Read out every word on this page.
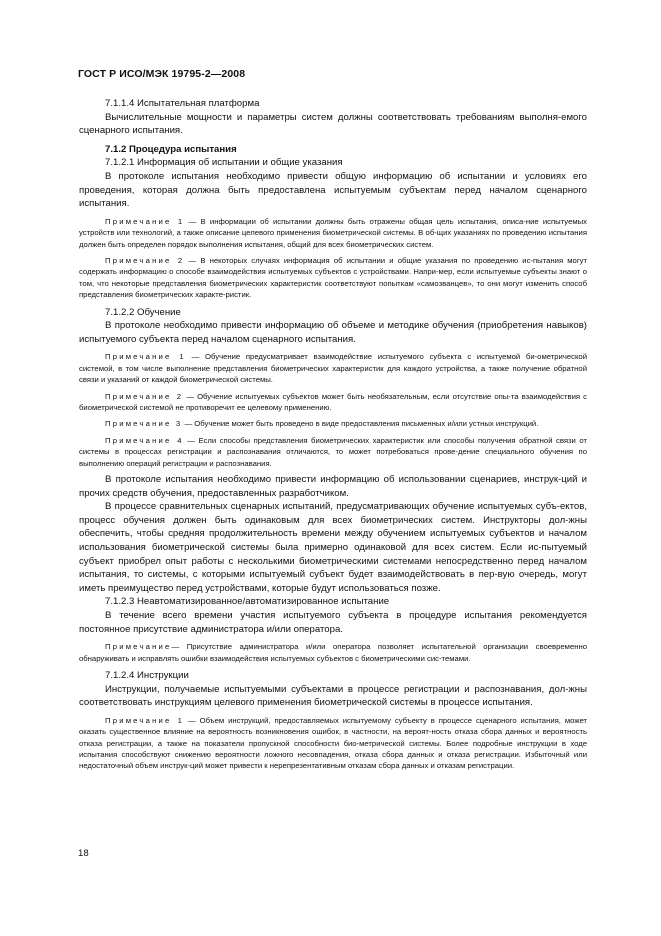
ГОСТ Р ИСО/МЭК 19795-2—2008

7.1.1.4 Испытательная платформа

Вычислительные мощности и параметры систем должны соответствовать требованиям выполня-емого сценарного испытания.

7.1.2 Процедура испытания

7.1.2.1 Информация об испытании и общие указания

В протоколе испытания необходимо привести общую информацию об испытании и условиях его проведения, которая должна быть предоставлена испытуемым субъектам перед началом сценарного испытания.

Примечание 1 — В информации об испытании должны быть отражены общая цель испытания, описа-ние испытуемых устройств или технологий, а также описание целевого применения биометрической системы. В об-щих указаниях по проведению испытания должен быть определен порядок выполнения испытания, общий для всех биометрических систем.

Примечание 2 — В некоторых случаях информация об испытании и общие указания по проведению ис-пытания могут содержать информацию о способе взаимодействия испытуемых субъектов с устройствами. Напри-мер, если испытуемые субъекты знают о том, что некоторые представления биометрических характеристик соответствуют попыткам «самозванцев», то они могут изменить способ представления биометрических характе-ристик.

7.1.2.2 Обучение

В протоколе необходимо привести информацию об объеме и методике обучения (приобретения навыков) испытуемого субъекта перед началом сценарного испытания.

Примечание 1 — Обучение предусматривает взаимодействие испытуемого субъекта с испытуемой би-ометрической системой, в том числе выполнение представления биометрических характеристик для каждого устройства, а также получение обратной связи и указаний от каждой биометрической системы.

Примечание 2 — Обучение испытуемых субъектов может быть необязательным, если отсутствие опы-та взаимодействия с биометрической системой не противоречит ее целевому применению.

Примечание 3 — Обучение может быть проведено в виде предоставления письменных и/или устных инструкций.

Примечание 4 — Если способы представления биометрических характеристик или способы получения обратной связи от системы в процессах регистрации и распознавания отличаются, то может потребоваться прове-дение специального обучения по выполнению операций регистрации и распознавания.

В протоколе испытания необходимо привести информацию об использовании сценариев, инструк-ций и прочих средств обучения, предоставленных разработчиком.

В процессе сравнительных сценарных испытаний, предусматривающих обучение испытуемых субъ-ектов, процесс обучения должен быть одинаковым для всех биометрических систем. Инструкторы дол-жны обеспечить, чтобы средняя продолжительность времени между обучением испытуемых субъектов и началом использования биометрической системы была примерно одинаковой для всех систем. Если ис-пытуемый субъект приобрел опыт работы с несколькими биометрическими системами непосредственно перед началом испытания, то системы, с которыми испытуемый субъект будет взаимодействовать в пер-вую очередь, могут иметь преимущество перед устройствами, которые будут использоваться позже.

7.1.2.3 Неавтоматизированное/автоматизированное испытание

В течение всего времени участия испытуемого субъекта в процедуре испытания рекомендуется постоянное присутствие администратора и/или оператора.

Примечание— Присутствие администратора и/или оператора позволяет испытательной организации своевременно обнаруживать и исправлять ошибки взаимодействия испытуемых субъектов с биометрическими сис-темами.

7.1.2.4 Инструкции

Инструкции, получаемые испытуемыми субъектами в процессе регистрации и распознавания, дол-жны соответствовать инструкциям целевого применения биометрической системы в процессе испытания.

Примечание 1 — Объем инструкций, предоставляемых испытуемому субъекту в процессе сценарного испытания, может оказать существенное влияние на вероятность возникновения ошибок, в частности, на вероят-ность отказа сбора данных и вероятность отказа регистрации, а также на показатели пропускной способности био-метрической системы. Более подробные инструкции в ходе испытания способствуют снижению вероятности ложного несовпадения, отказа сбора данных и отказа регистрации. Избыточный или недостаточный объем инструк-ций может привести к нерепрезентативным отказам сбора данных и отказам регистрации.

18
